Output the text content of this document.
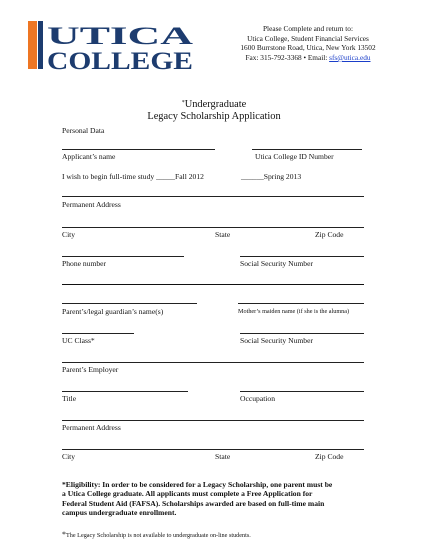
UTICA
COLLEGE
Please Complete and return to:
Utica College, Student Financial Services
1600 Burrstone Road, Utica, New York 13502
Fax: 315-792-3368 • Email: sfs@utica.edu
*Undergraduate
Legacy Scholarship Application
Personal Data
Applicant’s name	Utica College ID Number
I wish to begin full-time study _____Fall 2012	______Spring 2013
Permanent Address
City	State	Zip Code
Phone number	Social Security Number
Parent’s/legal guardian’s name(s)	Mother’s maiden name (if she is the alumna)
UC Class*	Social Security Number
Parent’s Employer
Title	Occupation
Permanent Address
City	State	Zip Code
*Eligibility: In order to be considered for a Legacy Scholarship, one parent must be
a Utica College graduate. All applicants must complete a Free Application for
Federal Student Aid (FAFSA). Scholarships awarded are based on full-time main
campus undergraduate enrollment.
*The Legacy Scholarship is not available to undergraduate on-line students.
